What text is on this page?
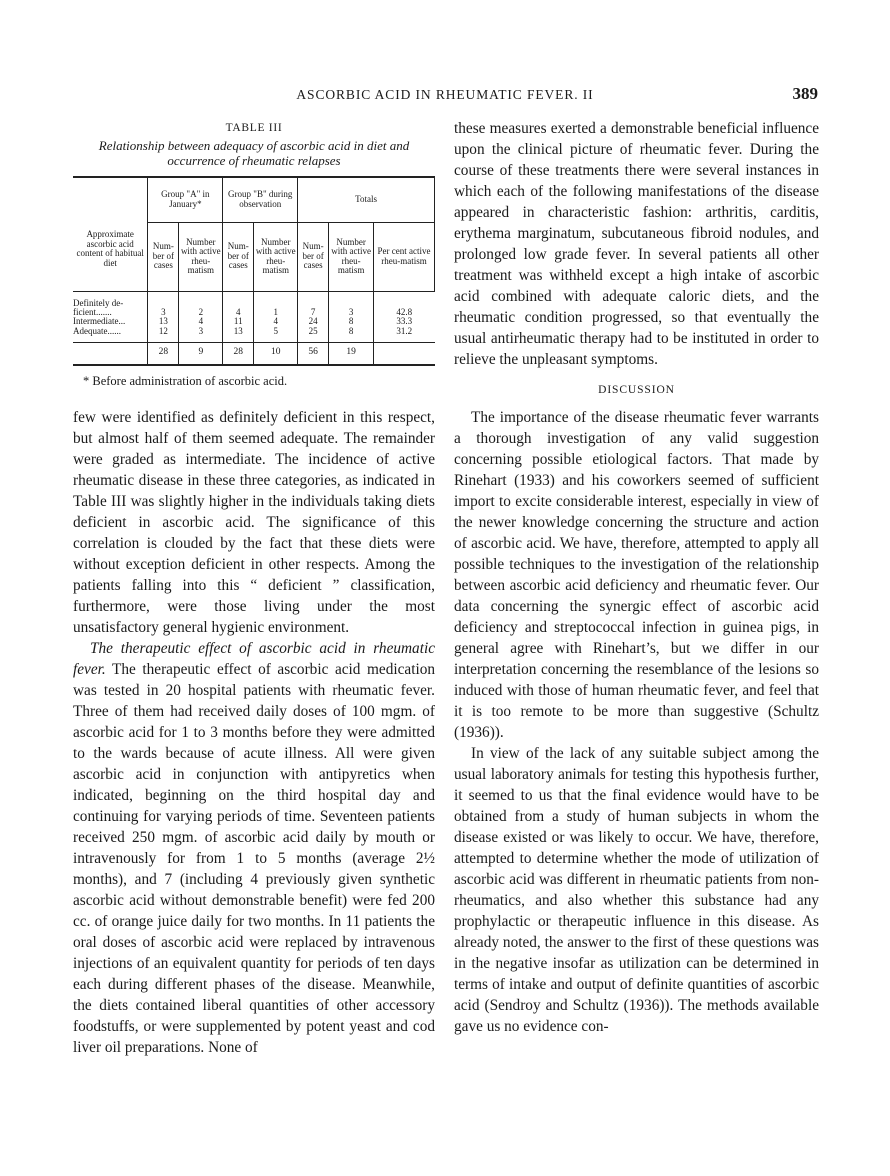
ASCORBIC ACID IN RHEUMATIC FEVER. II	389
TABLE III
Relationship between adequacy of ascorbic acid in diet and occurrence of rheumatic relapses
Approximate ascorbic acid content of habitual diet	Group "A" in January*		Group "B" during observation		Totals		
	Num-ber of cases	Number with active rheu-matism	Num-ber of cases	Number with active rheu-matism	Num-ber of cases	Number with active rheu-matism	Per cent active rheu-matism
Definitely de-ficient.......	3	2	4	1	7	3	42.8
Intermediate...	13	4	11	4	24	8	33.3
Adequate......	12	3	13	5	25	8	31.2
	28	9	28	10	56	19	
* Before administration of ascorbic acid.

few were identified as definitely deficient in this respect, but almost half of them seemed adequate. The remainder were graded as intermediate. The incidence of active rheumatic disease in these three categories, as indicated in Table III was slightly higher in the individuals taking diets deficient in ascorbic acid. The significance of this correlation is clouded by the fact that these diets were without exception deficient in other respects. Among the patients falling into this “ deficient ” classification, furthermore, were those living under the most unsatisfactory general hygienic environment.

The therapeutic effect of ascorbic acid in rheumatic fever. The therapeutic effect of ascorbic acid medication was tested in 20 hospital patients with rheumatic fever. Three of them had received daily doses of 100 mgm. of ascorbic acid for 1 to 3 months before they were admitted to the wards because of acute illness. All were given ascorbic acid in conjunction with antipyretics when indicated, beginning on the third hospital day and continuing for varying periods of time. Seventeen patients received 250 mgm. of ascorbic acid daily by mouth or intravenously for from 1 to 5 months (average 2½ months), and 7 (including 4 previously given synthetic ascorbic acid without demonstrable benefit) were fed 200 cc. of orange juice daily for two months. In 11 patients the oral doses of ascorbic acid were replaced by intravenous injections of an equivalent quantity for periods of ten days each during different phases of the disease. Meanwhile, the diets contained liberal quantities of other accessory foodstuffs, or were supplemented by potent yeast and cod liver oil preparations. None of

these measures exerted a demonstrable beneficial influence upon the clinical picture of rheumatic fever. During the course of these treatments there were several instances in which each of the following manifestations of the disease appeared in characteristic fashion: arthritis, carditis, erythema marginatum, subcutaneous fibroid nodules, and prolonged low grade fever. In several patients all other treatment was withheld except a high intake of ascorbic acid combined with adequate caloric diets, and the rheumatic condition progressed, so that eventually the usual antirheumatic therapy had to be instituted in order to relieve the unpleasant symptoms.

DISCUSSION

The importance of the disease rheumatic fever warrants a thorough investigation of any valid suggestion concerning possible etiological factors. That made by Rinehart (1933) and his coworkers seemed of sufficient import to excite considerable interest, especially in view of the newer knowledge concerning the structure and action of ascorbic acid. We have, therefore, attempted to apply all possible techniques to the investigation of the relationship between ascorbic acid deficiency and rheumatic fever. Our data concerning the synergic effect of ascorbic acid deficiency and streptococcal infection in guinea pigs, in general agree with Rinehart’s, but we differ in our interpretation concerning the resemblance of the lesions so induced with those of human rheumatic fever, and feel that it is too remote to be more than suggestive (Schultz (1936)).

In view of the lack of any suitable subject among the usual laboratory animals for testing this hypothesis further, it seemed to us that the final evidence would have to be obtained from a study of human subjects in whom the disease existed or was likely to occur. We have, therefore, attempted to determine whether the mode of utilization of ascorbic acid was different in rheumatic patients from non-rheumatics, and also whether this substance had any prophylactic or therapeutic influence in this disease. As already noted, the answer to the first of these questions was in the negative insofar as utilization can be determined in terms of intake and output of definite quantities of ascorbic acid (Sendroy and Schultz (1936)). The methods available gave us no evidence con-
